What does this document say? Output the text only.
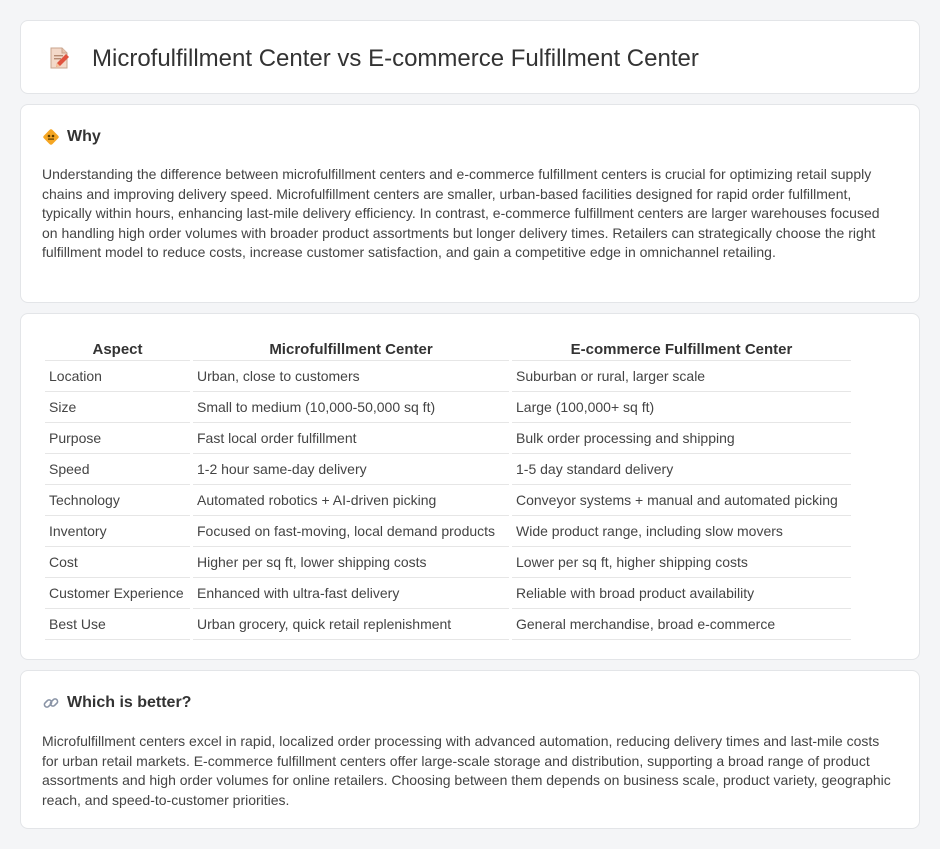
Microfulfillment Center vs E-commerce Fulfillment Center
Why

Understanding the difference between microfulfillment centers and e-commerce fulfillment centers is crucial for optimizing retail supply chains and improving delivery speed. Microfulfillment centers are smaller, urban-based facilities designed for rapid order fulfillment, typically within hours, enhancing last-mile delivery efficiency. In contrast, e-commerce fulfillment centers are larger warehouses focused on handling high order volumes with broader product assortments but longer delivery times. Retailers can strategically choose the right fulfillment model to reduce costs, increase customer satisfaction, and gain a competitive edge in omnichannel retailing.

Aspect	Microfulfillment Center	E-commerce Fulfillment Center
Location	Urban, close to customers	Suburban or rural, larger scale
Size	Small to medium (10,000-50,000 sq ft)	Large (100,000+ sq ft)
Purpose	Fast local order fulfillment	Bulk order processing and shipping
Speed	1-2 hour same-day delivery	1-5 day standard delivery
Technology	Automated robotics + AI-driven picking	Conveyor systems + manual and automated picking
Inventory	Focused on fast-moving, local demand products	Wide product range, including slow movers
Cost	Higher per sq ft, lower shipping costs	Lower per sq ft, higher shipping costs
Customer Experience	Enhanced with ultra-fast delivery	Reliable with broad product availability
Best Use	Urban grocery, quick retail replenishment	General merchandise, broad e-commerce
Which is better?

Microfulfillment centers excel in rapid, localized order processing with advanced automation, reducing delivery times and last-mile costs for urban retail markets. E-commerce fulfillment centers offer large-scale storage and distribution, supporting a broad range of product assortments and high order volumes for online retailers. Choosing between them depends on business scale, product variety, geographic reach, and speed-to-customer priorities.
